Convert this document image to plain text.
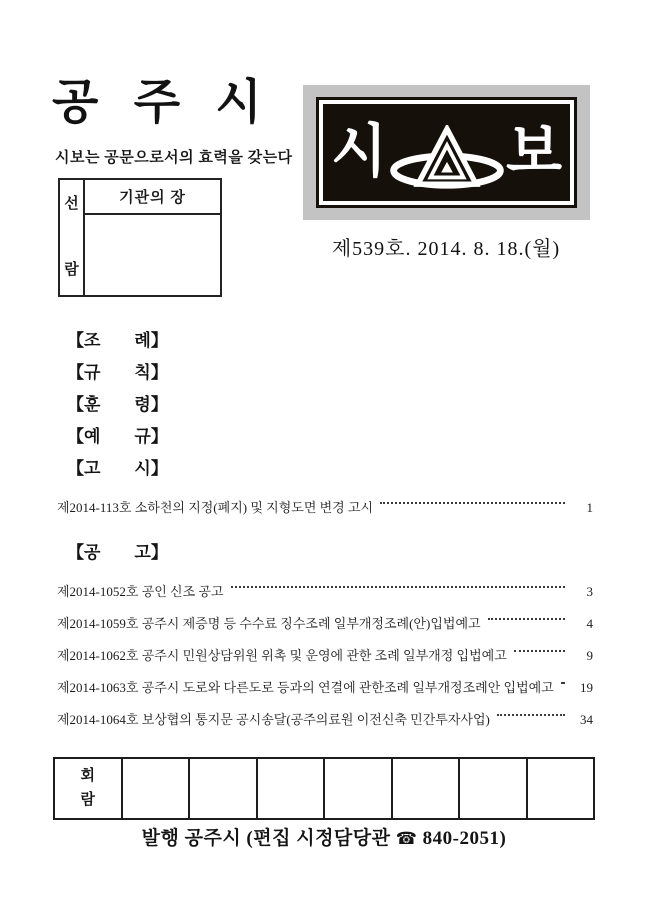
공 주 시
시보는 공문으로서의 효력을 갖는다
선
람
기관의 장
시 보
제539호. 2014. 8. 18.(월)
【조　　례】
【규　　칙】
【훈　　령】
【예　　규】
【고　　시】
제2014-113호 소하천의 지정(폐지) 및 지형도면 변경 고시	1
【공　　고】
제2014-1052호 공인 신조 공고	3
제2014-1059호 공주시 제증명 등 수수료 징수조례 일부개정조례(안)입법예고	4
제2014-1062호 공주시 민원상담위원 위촉 및 운영에 관한 조례 일부개정 입법예고	9
제2014-1063호 공주시 도로와 다른도로 등과의 연결에 관한조례 일부개정조례안 입법예고	19
제2014-1064호 보상협의 통지문 공시송달(공주의료원 이전신축 민간투자사업)	34
회
람
발행 공주시 (편집 시정담당관 ☎ 840-2051)
